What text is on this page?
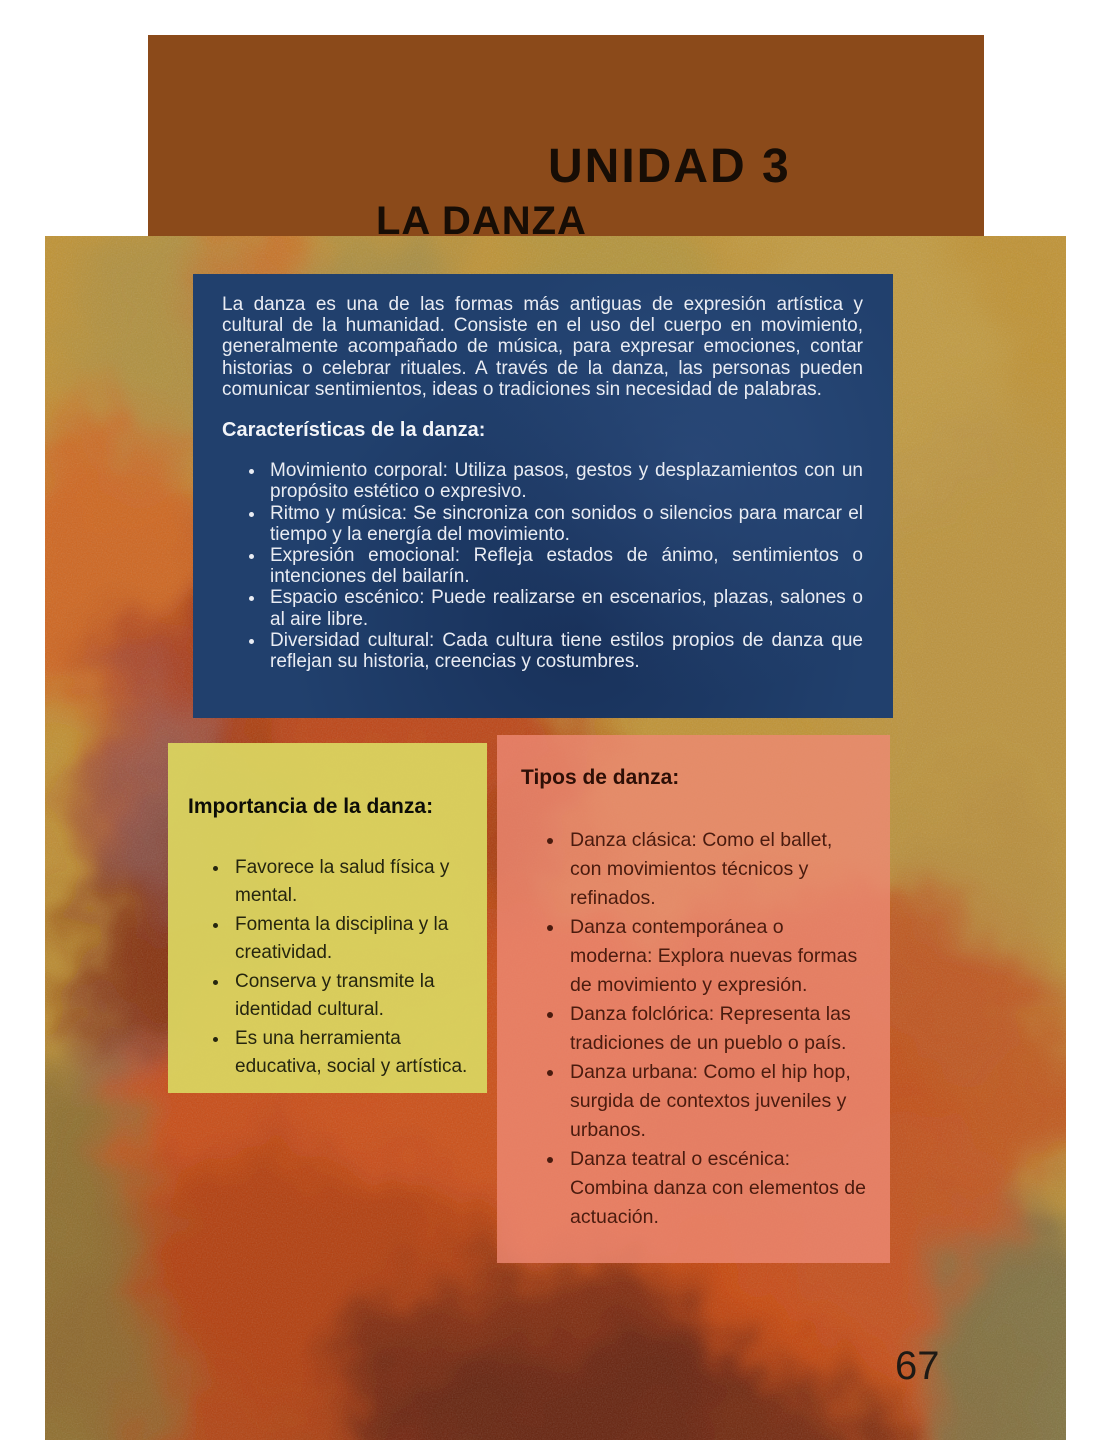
UNIDAD 3
LA DANZA

La danza es una de las formas más antiguas de expresión artística y cultural de la humanidad. Consiste en el uso del cuerpo en movimiento, generalmente acompañado de música, para expresar emociones, contar historias o celebrar rituales. A través de la danza, las personas pueden comunicar sentimientos, ideas o tradiciones sin necesidad de palabras.

Características de la danza:
• Movimiento corporal: Utiliza pasos, gestos y desplazamientos con un propósito estético o expresivo.
• Ritmo y música: Se sincroniza con sonidos o silencios para marcar el tiempo y la energía del movimiento.
• Expresión emocional: Refleja estados de ánimo, sentimientos o intenciones del bailarín.
• Espacio escénico: Puede realizarse en escenarios, plazas, salones o al aire libre.
• Diversidad cultural: Cada cultura tiene estilos propios de danza que reflejan su historia, creencias y costumbres.
Importancia de la danza:
• Favorece la salud física y mental.
• Fomenta la disciplina y la creatividad.
• Conserva y transmite la identidad cultural.
• Es una herramienta educativa, social y artística.
Tipos de danza:
• Danza clásica: Como el ballet, con movimientos técnicos y refinados.
• Danza contemporánea o moderna: Explora nuevas formas de movimiento y expresión.
• Danza folclórica: Representa las tradiciones de un pueblo o país.
• Danza urbana: Como el hip hop, surgida de contextos juveniles y urbanos.
• Danza teatral o escénica: Combina danza con elementos de actuación.
67
